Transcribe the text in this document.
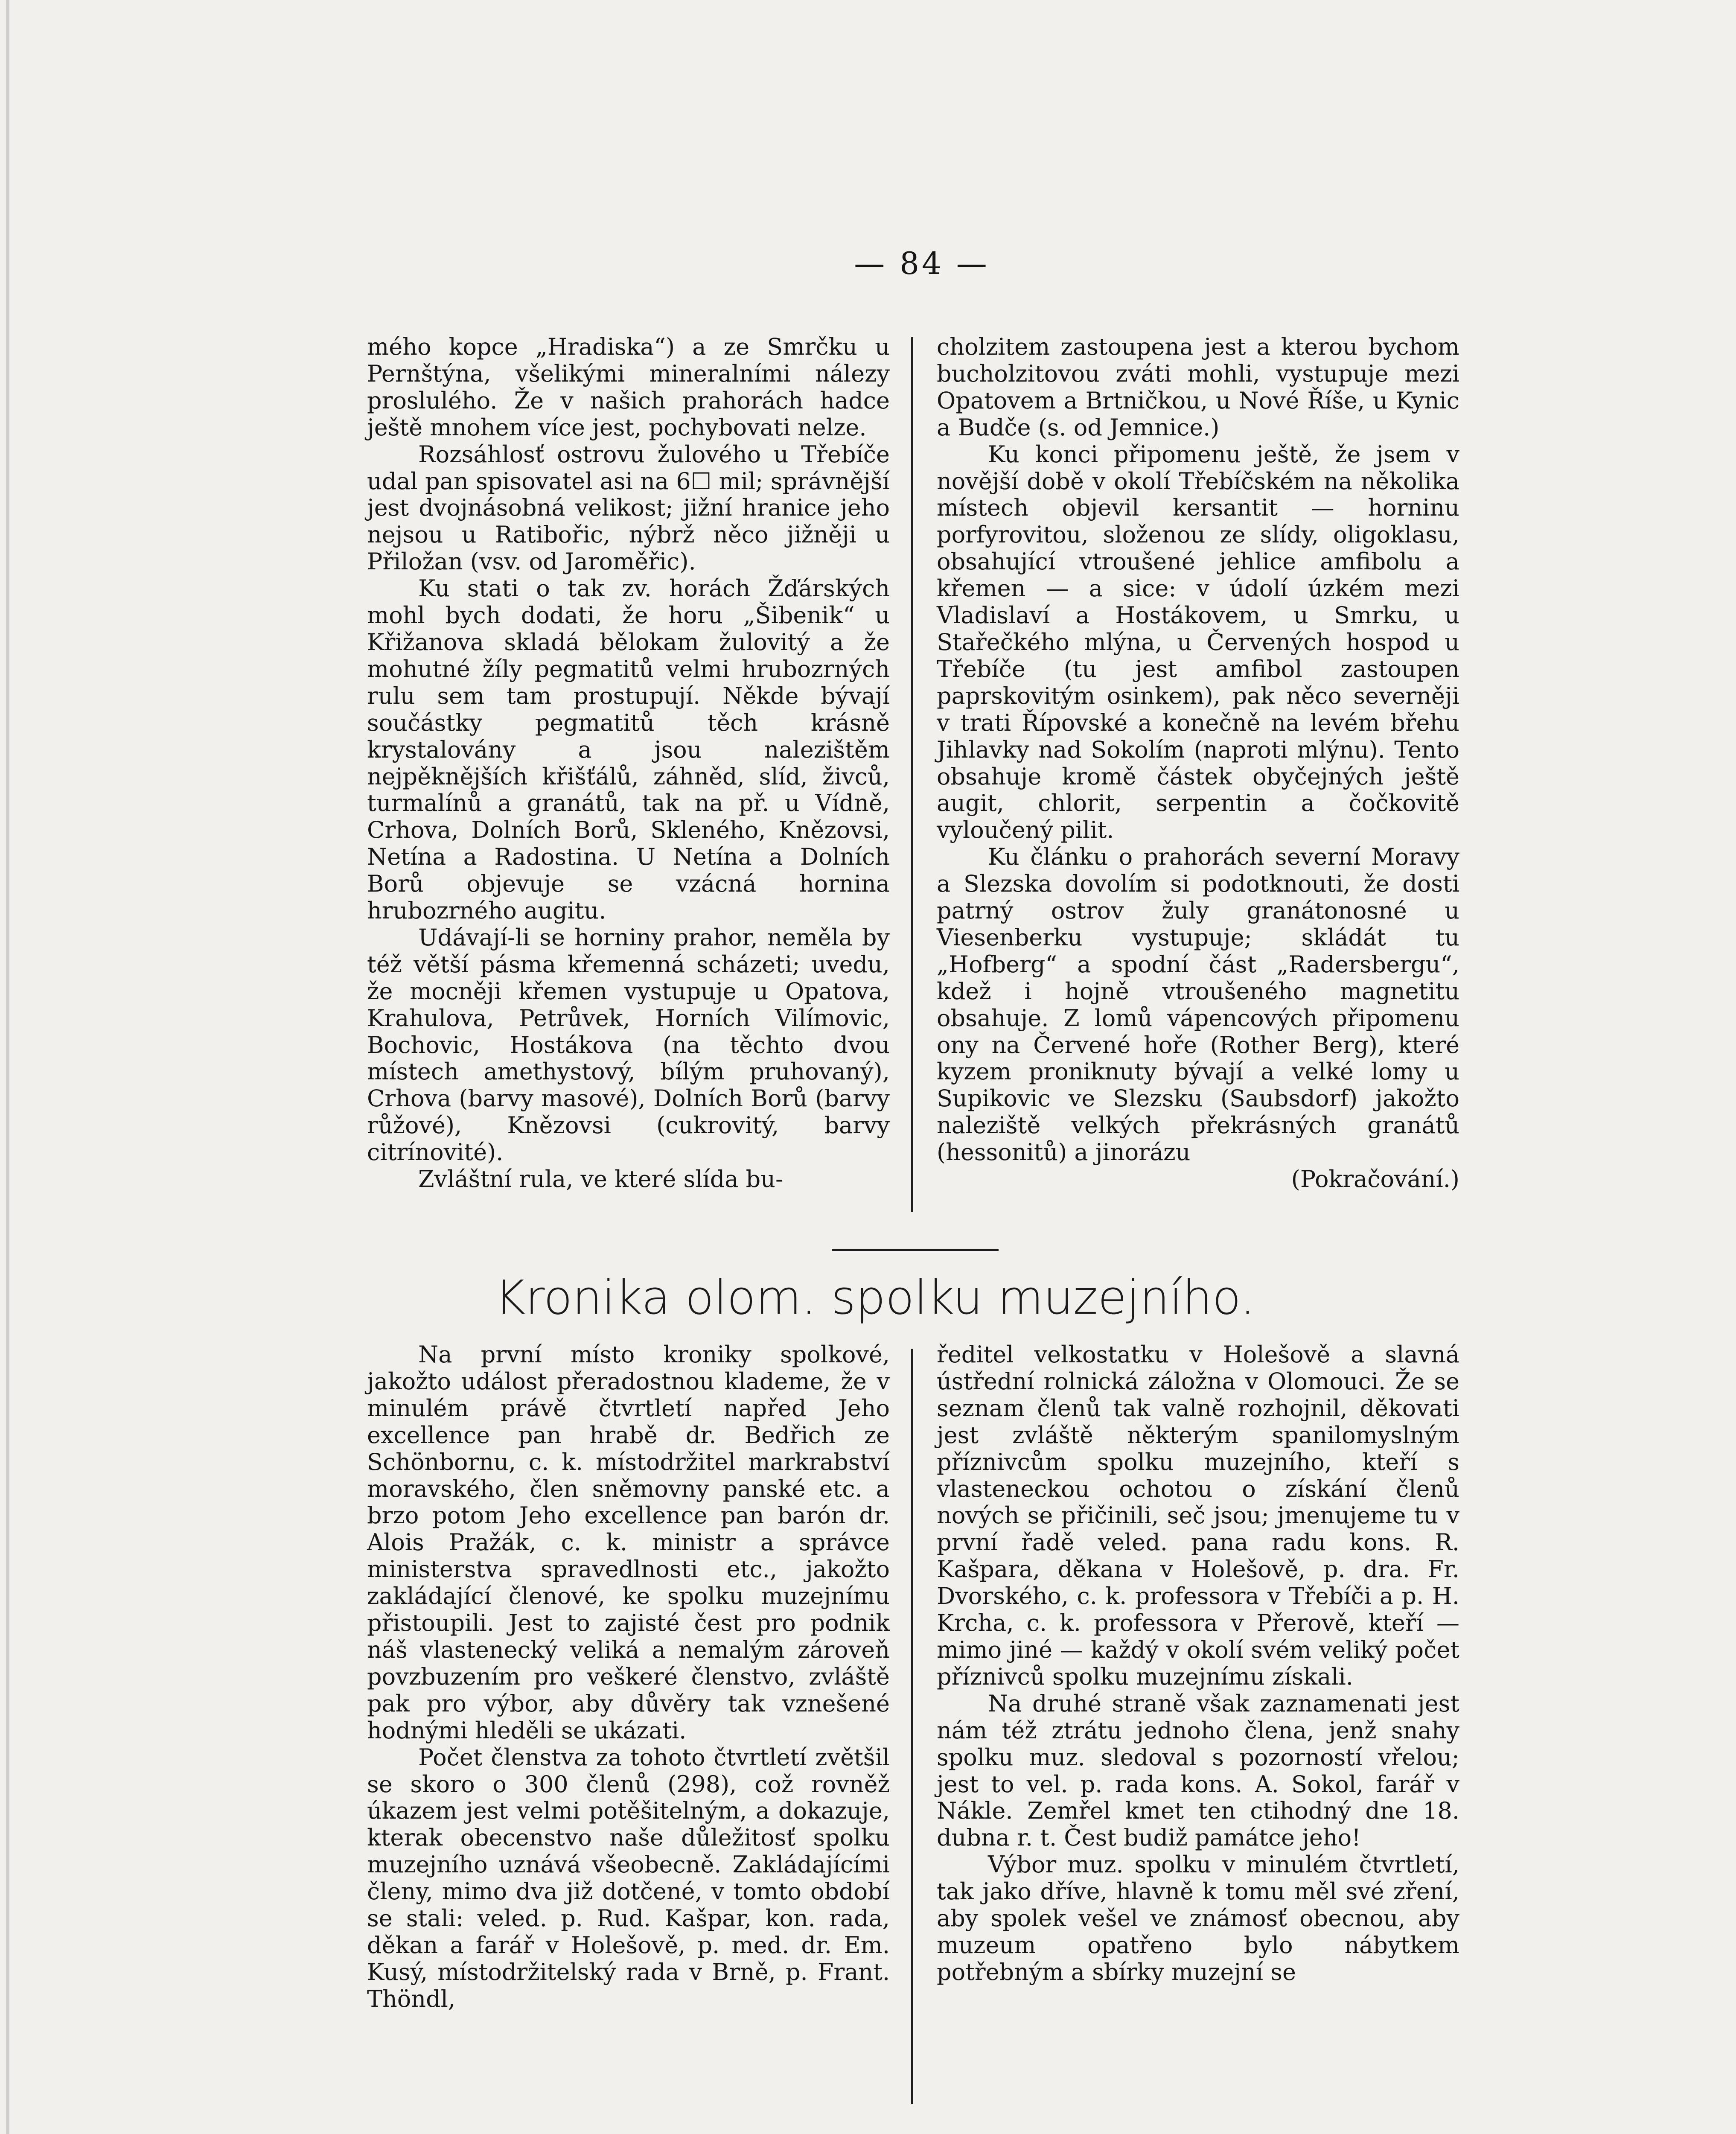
— 84 —

mého kopce „Hradiska“) a ze Smrčku u Pernštýna, všelikými mineralními nálezy proslulého. Že v našich prahorách hadce ještě mnohem více jest, pochybovati nelze.

Rozsáhlosť ostrovu žulového u Třebíče udal pan spisovatel asi na 6☐ mil; správnější jest dvojnásobná velikost; jižní hranice jeho nejsou u Ratibořic, nýbrž něco jižněji u Přiložan (vsv. od Jaroměřic).

Ku stati o tak zv. horách Žďárských mohl bych dodati, že horu „Šibenik“ u Křižanova skladá bělokam žulovitý a že mohutné žíly pegmatitů velmi hrubozrných rulu sem tam prostupují. Někde bývají součástky pegmatitů těch krásně krystalovány a jsou nalezištěm nejpěknějších křišťálů, záhněd, slíd, živců, turmalínů a granátů, tak na př. u Vídně, Crhova, Dolních Borů, Skleného, Knězovsi, Netína a Radostina. U Netína a Dolních Borů objevuje se vzácná hornina hrubozrného augitu.

Udávají-li se horniny prahor, neměla by též větší pásma křemenná scházeti; uvedu, že mocněji křemen vystupuje u Opatova, Krahulova, Petrůvek, Horních Vilímovic, Bochovic, Hostákova (na těchto dvou místech amethystový, bílým pruhovaný), Crhova (barvy masové), Dolních Borů (barvy růžové), Knězovsi (cukrovitý, barvy citrínovité).

Zvláštní rula, ve které slída bu-

cholzitem zastoupena jest a kterou bychom bucholzitovou zváti mohli, vystupuje mezi Opatovem a Brtničkou, u Nové Říše, u Kynic a Budče (s. od Jemnice.)

Ku konci připomenu ještě, že jsem v novější době v okolí Třebíčském na několika místech objevil kersantit — horninu porfyrovitou, složenou ze slídy, oligoklasu, obsahující vtroušené jehlice amfibolu a křemen — a sice: v údolí úzkém mezi Vladislaví a Hostákovem, u Smrku, u Stařečkého mlýna, u Červených hospod u Třebíče (tu jest amfibol zastoupen paprskovitým osinkem), pak něco severněji v trati Řípovské a konečně na levém břehu Jihlavky nad Sokolím (naproti mlýnu). Tento obsahuje kromě částek obyčejných ještě augit, chlorit, serpentin a čočkovitě vyloučený pilit.

Ku článku o prahorách severní Moravy a Slezska dovolím si podotknouti, že dosti patrný ostrov žuly granátonosné u Viesenberku vystupuje; skládát tu „Hofberg“ a spodní část „Radersbergu“, kdež i hojně vtroušeného magnetitu obsahuje. Z lomů vápencových připomenu ony na Červené hoře (Rother Berg), které kyzem proniknuty bývají a velké lomy u Supikovic ve Slezsku (Saubsdorf) jakožto naleziště velkých překrásných granátů (hessonitů) a jinorázu

(Pokračování.)

Kronika olom. spolku muzejního.

Na první místo kroniky spolkové, jakožto událost přeradostnou klademe, že v minulém právě čtvrtletí napřed Jeho excellence pan hrabě dr. Bedřich ze Schönbornu, c. k. místodržitel markrabství moravského, člen sněmovny panské etc. a brzo potom Jeho excellence pan barón dr. Alois Pražák, c. k. ministr a správce ministerstva spravedlnosti etc., jakožto zakládající členové, ke spolku muzejnímu přistoupili. Jest to zajisté čest pro podnik náš vlastenecký veliká a nemalým zároveň povzbuzením pro veškeré členstvo, zvláště pak pro výbor, aby důvěry tak vznešené hodnými hleděli se ukázati.

Počet členstva za tohoto čtvrtletí zvětšil se skoro o 300 členů (298), což rovněž úkazem jest velmi potěšitelným, a dokazuje, kterak obecenstvo naše důležitosť spolku muzejního uznává všeobecně. Zakládajícími členy, mimo dva již dotčené, v tomto období se stali: veled. p. Rud. Kašpar, kon. rada, děkan a farář v Holešově, p. med. dr. Em. Kusý, místodržitelský rada v Brně, p. Frant. Thöndl,

ředitel velkostatku v Holešově a slavná ústřední rolnická záložna v Olomouci. Že se seznam členů tak valně rozhojnil, děkovati jest zvláště některým spanilomyslným příznivcům spolku muzejního, kteří s vlasteneckou ochotou o získání členů nových se přičinili, seč jsou; jmenujeme tu v první řadě veled. pana radu kons. R. Kašpara, děkana v Holešově, p. dra. Fr. Dvorského, c. k. professora v Třebíči a p. H. Krcha, c. k. professora v Přerově, kteří — mimo jiné — každý v okolí svém veliký počet příznivců spolku muzejnímu získali.

Na druhé straně však zaznamenati jest nám též ztrátu jednoho člena, jenž snahy spolku muz. sledoval s pozorností vřelou; jest to vel. p. rada kons. A. Sokol, farář v Nákle. Zemřel kmet ten ctihodný dne 18. dubna r. t. Čest budiž památce jeho!

Výbor muz. spolku v minulém čtvrtletí, tak jako dříve, hlavně k tomu měl své zření, aby spolek vešel ve známosť obecnou, aby muzeum opatřeno bylo nábytkem potřebným a sbírky muzejní se
